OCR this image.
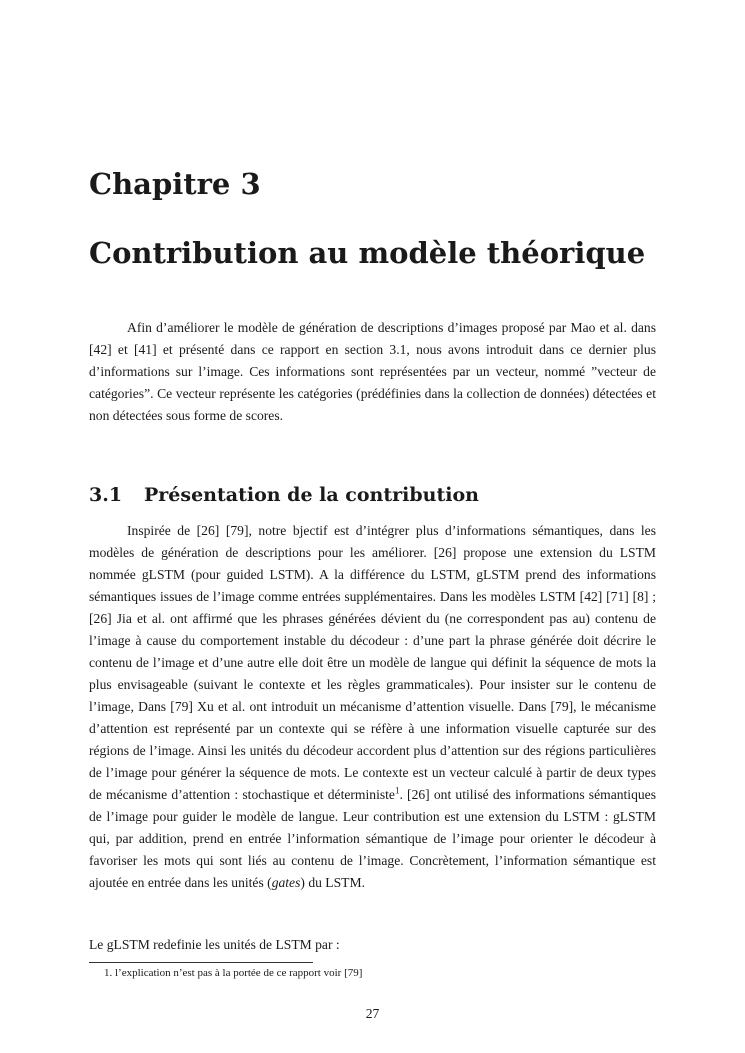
Chapitre 3
Contribution au modèle théorique

Afin d’améliorer le modèle de génération de descriptions d’images proposé par Mao et al. dans [42] et [41] et présenté dans ce rapport en section 3.1, nous avons introduit dans ce dernier plus d’informations sur l’image. Ces informations sont représentées par un vecteur, nommé ”vecteur de catégories”. Ce vecteur représente les catégories (prédéfinies dans la collection de données) détectées et non détectées sous forme de scores.

3.1 Présentation de la contribution

Inspirée de [26] [79], notre bjectif est d’intégrer plus d’informations sémantiques, dans les modèles de génération de descriptions pour les améliorer. [26] propose une extension du LSTM nommée gLSTM (pour guided LSTM). A la différence du LSTM, gLSTM prend des informations sémantiques issues de l’image comme entrées supplémentaires. Dans les modèles LSTM [42] [71] [8] ; [26] Jia et al. ont affirmé que les phrases générées dévient du (ne correspondent pas au) contenu de l’image à cause du comportement instable du décodeur : d’une part la phrase générée doit décrire le contenu de l’image et d’une autre elle doit être un modèle de langue qui définit la séquence de mots la plus envisageable (suivant le contexte et les règles grammaticales). Pour insister sur le contenu de l’image, Dans [79] Xu et al. ont introduit un mécanisme d’attention visuelle. Dans [79], le mécanisme d’attention est représenté par un contexte qui se réfère à une information visuelle capturée sur des régions de l’image. Ainsi les unités du décodeur accordent plus d’attention sur des régions particulières de l’image pour générer la séquence de mots. Le contexte est un vecteur calculé à partir de deux types de mécanisme d’attention : stochastique et déterministe$^1$. [26] ont utilisé des informations sémantiques de l’image pour guider le modèle de langue. Leur contribution est une extension du LSTM : gLSTM qui, par addition, prend en entrée l’information sémantique de l’image pour orienter le décodeur à favoriser les mots qui sont liés au contenu de l’image. Concrètement, l’information sémantique est ajoutée en entrée dans les unités (gates) du LSTM.

Le gLSTM redefinie les unités de LSTM par :

1. l’explication n’est pas à la portée de ce rapport voir [79]
27
